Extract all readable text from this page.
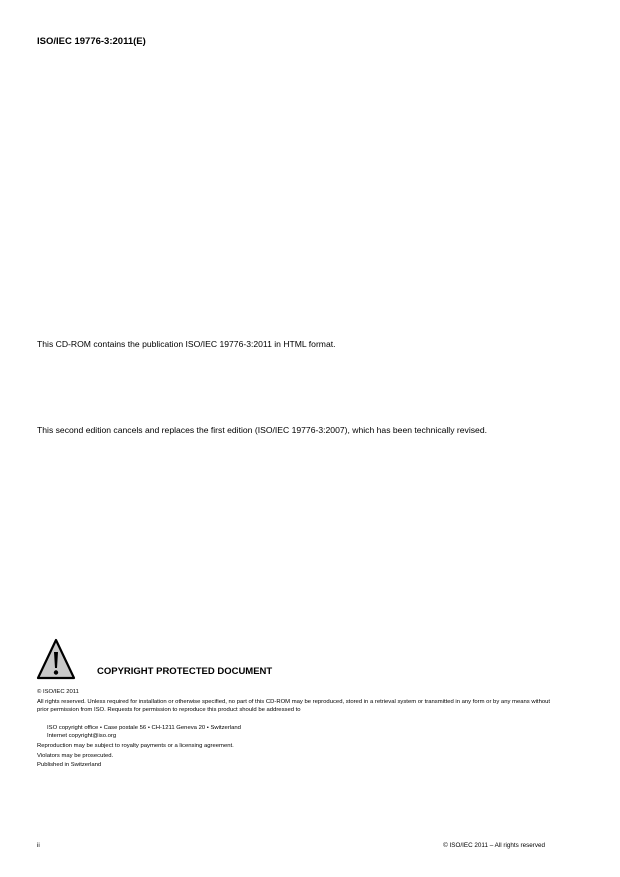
ISO/IEC 19776-3:2011(E)
This CD-ROM contains the publication ISO/IEC 19776-3:2011 in HTML format.
This second edition cancels and replaces the first edition (ISO/IEC 19776-3:2007), which has been technically revised.
COPYRIGHT PROTECTED DOCUMENT
© ISO/IEC 2011
All rights reserved. Unless required for installation or otherwise specified, no part of this CD-ROM may be reproduced, stored in a retrieval system or transmitted in any form or by any means without prior permission from ISO. Requests for permission to reproduce this product should be addressed to
ISO copyright office • Case postale 56 • CH-1211 Geneva 20 • Switzerland
Internet copyright@iso.org
Reproduction may be subject to royalty payments or a licensing agreement.
Violators may be prosecuted.
Published in Switzerland
ii	© ISO/IEC 2011 – All rights reserved
